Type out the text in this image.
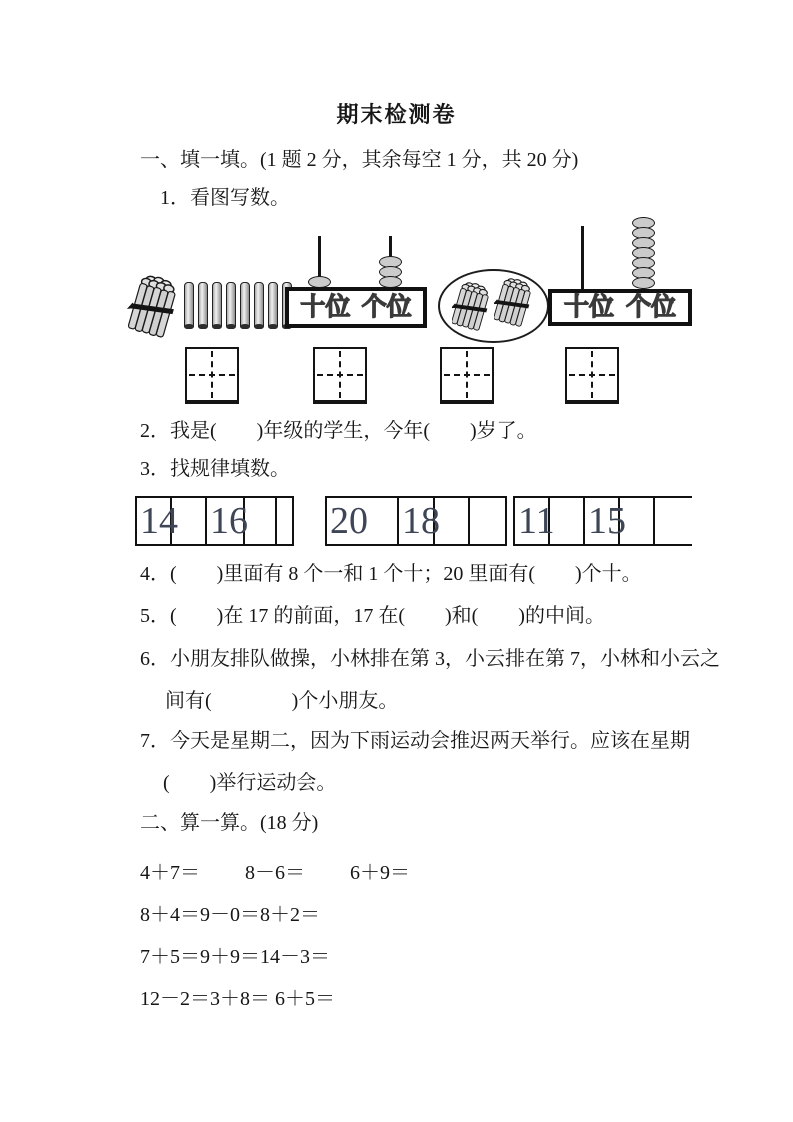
期末检测卷
一、填一填。(1 题 2 分，其余每空 1 分，共 20 分)
1．看图写数。
十位 个位	十位 个位
2．我是(　　)年级的学生，今年(　　)岁了。
3．找规律填数。
4．(　　)里面有 8 个一和 1 个十；20 里面有(　　)个十。
5．(　　)在 17 的前面，17 在(　　)和(　　)的中间。
6．小朋友排队做操，小林排在第 3，小云排在第 7，小林和小云之
间有(　　　　)个小朋友。
7．今天是星期二，因为下雨运动会推迟两天举行。应该在星期
(　　)举行运动会。
二、算一算。(18 分)
4＋7＝　　 8－6＝　　 6＋9＝
8＋4＝9－0＝8＋2＝
7＋5＝9＋9＝14－3＝
12－2＝3＋8＝ 6＋5＝
14 16 20 18 11 15
